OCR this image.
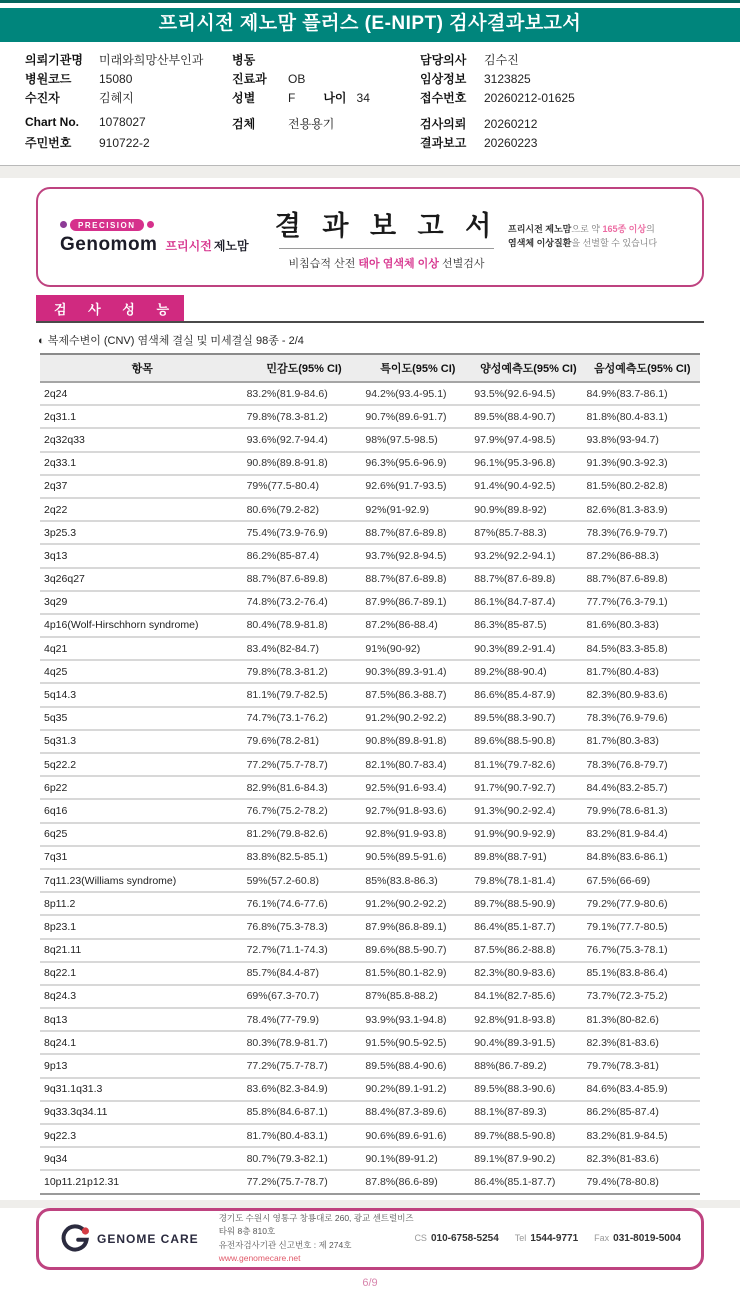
프리시전 제노맘 플러스 (E-NIPT) 검사결과보고서
의뢰기관명	미래와희망산부인과
병원코드	15080
수진자	김혜지
Chart No.	1078027
주민번호	910722-2
병동
진료과	OB
성별	F 나이 34
검체	전용용기
담당의사	김수진
임상정보	3123825
접수번호	20260212-01625
검사의뢰	20260212
결과보고	20260223
PRECISION
Genomom 프리시전 제노맘
결 과 보 고 서
비침습적 산전 태아 염색체 이상 선별검사
프리시전 제노맘으로 약 165종 이상의
염색체 이상질환을 선별할 수 있습니다
검 사 성 능
◐ 복제수변이 (CNV) 염색체 결실 및 미세결실 98종 - 2/4
항목	민감도(95% CI)	특이도(95% CI)	양성예측도(95% CI)	음성예측도(95% CI)
2q24	83.2%(81.9-84.6)	94.2%(93.4-95.1)	93.5%(92.6-94.5)	84.9%(83.7-86.1)
2q31.1	79.8%(78.3-81.2)	90.7%(89.6-91.7)	89.5%(88.4-90.7)	81.8%(80.4-83.1)
2q32q33	93.6%(92.7-94.4)	98%(97.5-98.5)	97.9%(97.4-98.5)	93.8%(93-94.7)
2q33.1	90.8%(89.8-91.8)	96.3%(95.6-96.9)	96.1%(95.3-96.8)	91.3%(90.3-92.3)
2q37	79%(77.5-80.4)	92.6%(91.7-93.5)	91.4%(90.4-92.5)	81.5%(80.2-82.8)
2q22	80.6%(79.2-82)	92%(91-92.9)	90.9%(89.8-92)	82.6%(81.3-83.9)
3p25.3	75.4%(73.9-76.9)	88.7%(87.6-89.8)	87%(85.7-88.3)	78.3%(76.9-79.7)
3q13	86.2%(85-87.4)	93.7%(92.8-94.5)	93.2%(92.2-94.1)	87.2%(86-88.3)
3q26q27	88.7%(87.6-89.8)	88.7%(87.6-89.8)	88.7%(87.6-89.8)	88.7%(87.6-89.8)
3q29	74.8%(73.2-76.4)	87.9%(86.7-89.1)	86.1%(84.7-87.4)	77.7%(76.3-79.1)
4p16(Wolf-Hirschhorn syndrome)	80.4%(78.9-81.8)	87.2%(86-88.4)	86.3%(85-87.5)	81.6%(80.3-83)
4q21	83.4%(82-84.7)	91%(90-92)	90.3%(89.2-91.4)	84.5%(83.3-85.8)
4q25	79.8%(78.3-81.2)	90.3%(89.3-91.4)	89.2%(88-90.4)	81.7%(80.4-83)
5q14.3	81.1%(79.7-82.5)	87.5%(86.3-88.7)	86.6%(85.4-87.9)	82.3%(80.9-83.6)
5q35	74.7%(73.1-76.2)	91.2%(90.2-92.2)	89.5%(88.3-90.7)	78.3%(76.9-79.6)
5q31.3	79.6%(78.2-81)	90.8%(89.8-91.8)	89.6%(88.5-90.8)	81.7%(80.3-83)
5q22.2	77.2%(75.7-78.7)	82.1%(80.7-83.4)	81.1%(79.7-82.6)	78.3%(76.8-79.7)
6p22	82.9%(81.6-84.3)	92.5%(91.6-93.4)	91.7%(90.7-92.7)	84.4%(83.2-85.7)
6q16	76.7%(75.2-78.2)	92.7%(91.8-93.6)	91.3%(90.2-92.4)	79.9%(78.6-81.3)
6q25	81.2%(79.8-82.6)	92.8%(91.9-93.8)	91.9%(90.9-92.9)	83.2%(81.9-84.4)
7q31	83.8%(82.5-85.1)	90.5%(89.5-91.6)	89.8%(88.7-91)	84.8%(83.6-86.1)
7q11.23(Williams syndrome)	59%(57.2-60.8)	85%(83.8-86.3)	79.8%(78.1-81.4)	67.5%(66-69)
8p11.2	76.1%(74.6-77.6)	91.2%(90.2-92.2)	89.7%(88.5-90.9)	79.2%(77.9-80.6)
8p23.1	76.8%(75.3-78.3)	87.9%(86.8-89.1)	86.4%(85.1-87.7)	79.1%(77.7-80.5)
8q21.11	72.7%(71.1-74.3)	89.6%(88.5-90.7)	87.5%(86.2-88.8)	76.7%(75.3-78.1)
8q22.1	85.7%(84.4-87)	81.5%(80.1-82.9)	82.3%(80.9-83.6)	85.1%(83.8-86.4)
8q24.3	69%(67.3-70.7)	87%(85.8-88.2)	84.1%(82.7-85.6)	73.7%(72.3-75.2)
8q13	78.4%(77-79.9)	93.9%(93.1-94.8)	92.8%(91.8-93.8)	81.3%(80-82.6)
8q24.1	80.3%(78.9-81.7)	91.5%(90.5-92.5)	90.4%(89.3-91.5)	82.3%(81-83.6)
9p13	77.2%(75.7-78.7)	89.5%(88.4-90.6)	88%(86.7-89.2)	79.7%(78.3-81)
9q31.1q31.3	83.6%(82.3-84.9)	90.2%(89.1-91.2)	89.5%(88.3-90.6)	84.6%(83.4-85.9)
9q33.3q34.11	85.8%(84.6-87.1)	88.4%(87.3-89.6)	88.1%(87-89.3)	86.2%(85-87.4)
9q22.3	81.7%(80.4-83.1)	90.6%(89.6-91.6)	89.7%(88.5-90.8)	83.2%(81.9-84.5)
9q34	80.7%(79.3-82.1)	90.1%(89-91.2)	89.1%(87.9-90.2)	82.3%(81-83.6)
10p11.21p12.31	77.2%(75.7-78.7)	87.8%(86.6-89)	86.4%(85.1-87.7)	79.4%(78-80.8)
GENOME CARE
경기도 수원시 영통구 창룡대로 260, 광교 센트럴비즈타워 8층 810호
유전자검사기관 신고번호 : 제 274호
www.genomecare.net
CS 010-6758-5254 Tel 1544-9771 Fax 031-8019-5004
6/9
